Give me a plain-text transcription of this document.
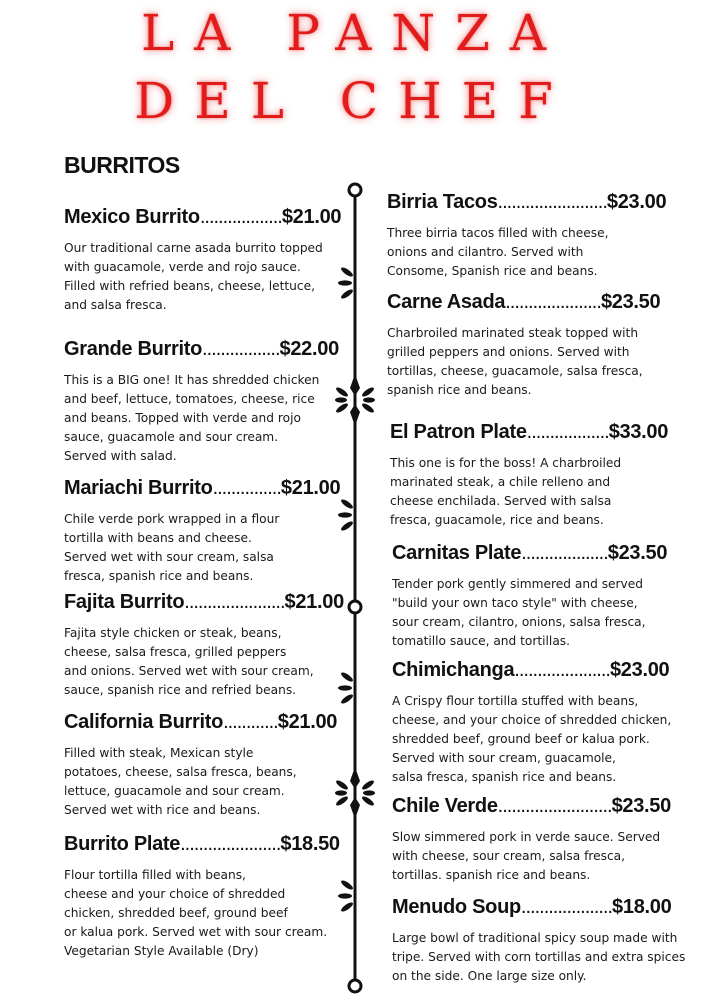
LA PANZA
DEL CHEF
BURRITOS
Mexico Burrito..................$21.00
Our traditional carne asada burrito topped
with guacamole, verde and rojo sauce.
Filled with refried beans, cheese, lettuce,
and salsa fresca.
Grande Burrito.................$22.00
This is a BIG one! It has shredded chicken
and beef, lettuce, tomatoes, cheese, rice
and beans. Topped with verde and rojo
sauce, guacamole and sour cream.
Served with salad.
Mariachi Burrito...............$21.00
Chile verde pork wrapped in a flour
tortilla with beans and cheese.
Served wet with sour cream, salsa
fresca, spanish rice and beans.
Fajita Burrito......................$21.00
Fajita style chicken or steak, beans,
cheese, salsa fresca, grilled peppers
and onions. Served wet with sour cream,
sauce, spanish rice and refried beans.
California Burrito............$21.00
Filled with steak, Mexican style
potatoes, cheese, salsa fresca, beans,
lettuce, guacamole and sour cream.
Served wet with rice and beans.
Burrito Plate......................$18.50
Flour tortilla filled with beans,
cheese and your choice of shredded
chicken, shredded beef, ground beef
or kalua pork. Served wet with sour cream.
Vegetarian Style Available (Dry)
Birria Tacos........................$23.00
Three birria tacos filled with cheese,
onions and cilantro. Served with
Consome, Spanish rice and beans.
Carne Asada.....................$23.50
Charbroiled marinated steak topped with
grilled peppers and onions. Served with
tortillas, cheese, guacamole, salsa fresca,
spanish rice and beans.
El Patron Plate..................$33.00
This one is for the boss! A charbroiled
marinated steak, a chile relleno and
cheese enchilada. Served with salsa
fresca, guacamole, rice and beans.
Carnitas Plate...................$23.50
Tender pork gently simmered and served
"build your own taco style" with cheese,
sour cream, cilantro, onions, salsa fresca,
tomatillo sauce, and tortillas.
Chimichanga.....................$23.00
A Crispy flour tortilla stuffed with beans,
cheese, and your choice of shredded chicken,
shredded beef, ground beef or kalua pork.
Served with sour cream, guacamole,
salsa fresca, spanish rice and beans.
Chile Verde.........................$23.50
Slow simmered pork in verde sauce. Served
with cheese, sour cream, salsa fresca,
tortillas. spanish rice and beans.
Menudo Soup....................$18.00
Large bowl of traditional spicy soup made with
tripe. Served with corn tortillas and extra spices
on the side. One large size only.
